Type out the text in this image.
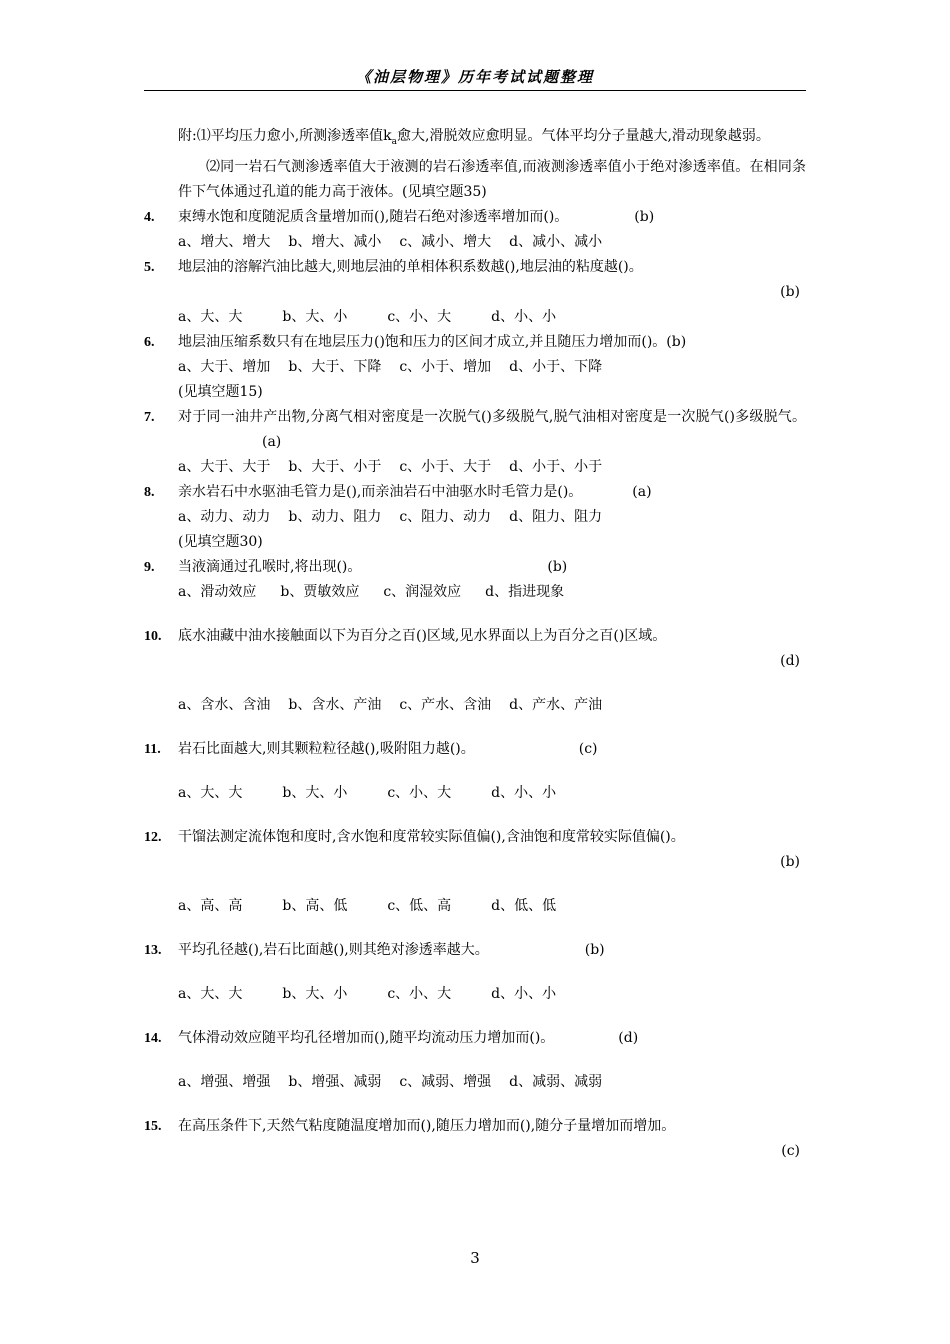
《油层物理》历年考试试题整理
附:⑴平均压力愈小,所测渗透率值$k_a$愈大,滑脱效应愈明显。气体平均分子量越大,滑动现象越弱。
⑵同一岩石气测渗透率值大于液测的岩石渗透率值,而液测渗透率值小于绝对渗透率值。在相同条件下气体通过孔道的能力高于液体。(见填空题35)
4. 束缚水饱和度随泥质含量增加而(),随岩石绝对渗透率增加而()。	(b)
a、增大、增大 b、增大、减小 c、减小、增大 d、减小、减小
5. 地层油的溶解汽油比越大,则地层油的单相体积系数越(),地层油的粘度越()。
(b)
a、大、大	b、大、小	c、小、大	d、小、小
6. 地层油压缩系数只有在地层压力()饱和压力的区间才成立,并且随压力增加而()。(b)
a、大于、增加 b、大于、下降 c、小于、增加 d、小于、下降
(见填空题15)
7. 对于同一油井产出物,分离气相对密度是一次脱气()多级脱气,脱气油相对密度是一次脱气()多级脱气。(a)
a、大于、大于 b、大于、小于 c、小于、大于 d、小于、小于
8. 亲水岩石中水驱油毛管力是(),而亲油岩石中油驱水时毛管力是()。	(a)
a、动力、动力 b、动力、阻力 c、阻力、动力 d、阻力、阻力
(见填空题30)
9. 当液滴通过孔喉时,将出现()。	(b)
a、滑动效应 b、贾敏效应 c、润湿效应 d、指进现象
10. 底水油藏中油水接触面以下为百分之百()区域,见水界面以上为百分之百()区域。
(d)
a、含水、含油 b、含水、产油 c、产水、含油 d、产水、产油
11. 岩石比面越大,则其颗粒粒径越(),吸附阻力越()。	(c)
a、大、大	b、大、小	c、小、大	d、小、小
12. 干馏法测定流体饱和度时,含水饱和度常较实际值偏(),含油饱和度常较实际值偏()。
(b)
a、高、高	b、高、低	c、低、高	d、低、低
13. 平均孔径越(),岩石比面越(),则其绝对渗透率越大。	(b)
a、大、大	b、大、小	c、小、大	d、小、小
14. 气体滑动效应随平均孔径增加而(),随平均流动压力增加而()。	(d)
a、增强、增强 b、增强、减弱 c、减弱、增强 d、减弱、减弱
15. 在高压条件下,天然气粘度随温度增加而(),随压力增加而(),随分子量增加而增加。
(c)
3
